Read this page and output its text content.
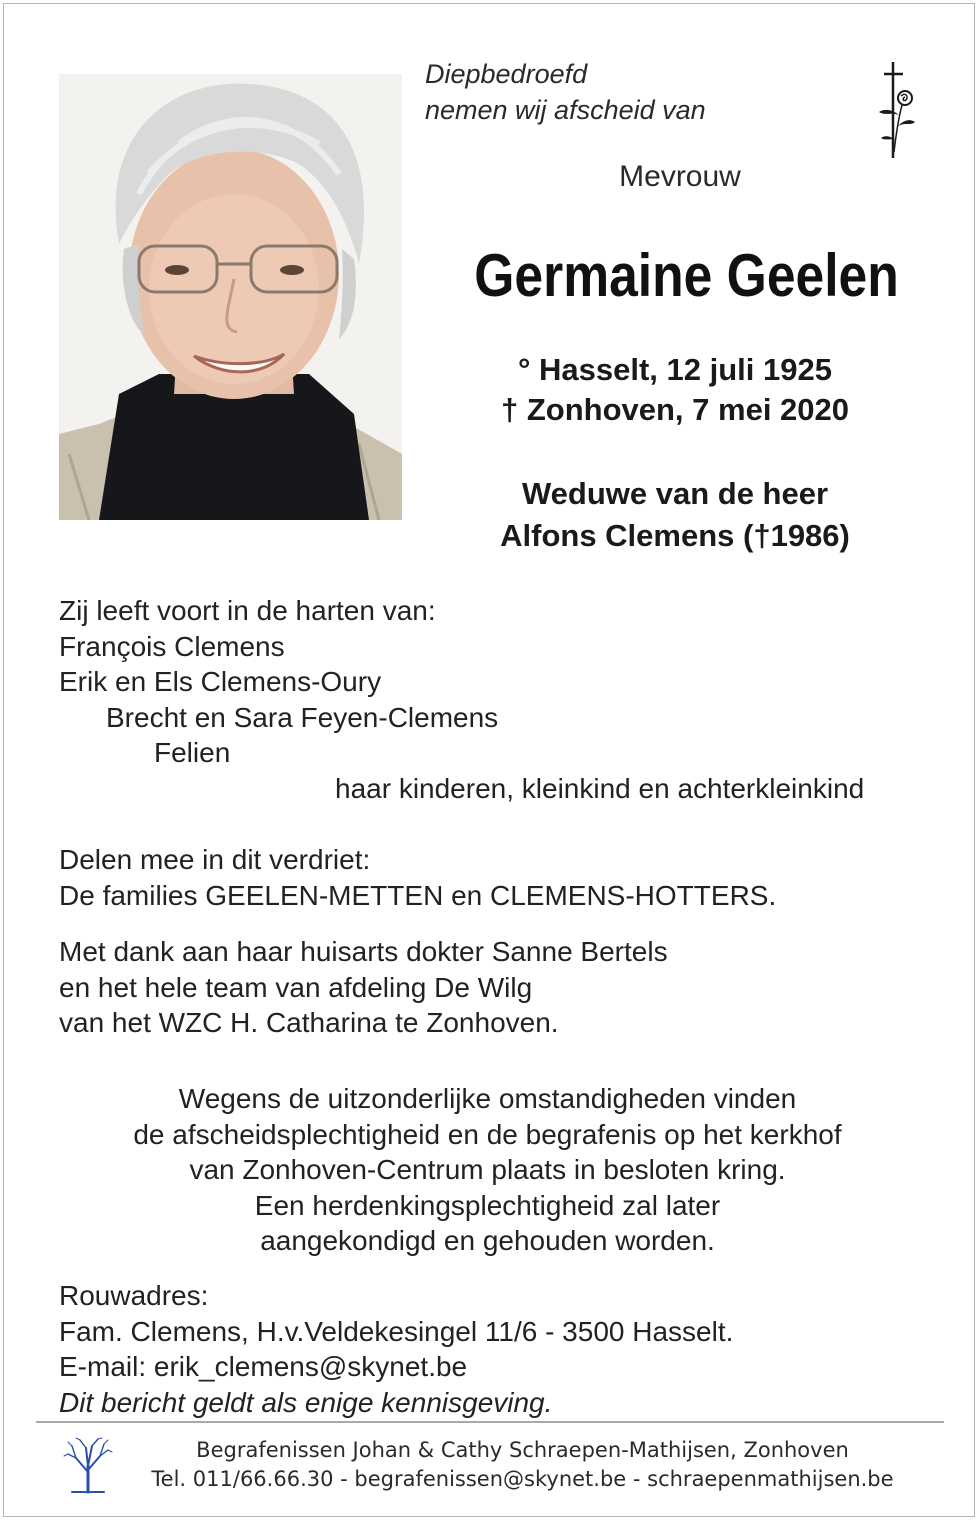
Diepbedroefd
nemen wij afscheid van
Mevrouw
Germaine Geelen
° Hasselt, 12 juli 1925
† Zonhoven, 7 mei 2020
Weduwe van de heer
Alfons Clemens (†1986)
Zij leeft voort in de harten van:
François Clemens
Erik en Els Clemens-Oury
Brecht en Sara Feyen-Clemens
Felien
haar kinderen, kleinkind en achterkleinkind
Delen mee in dit verdriet:
De families GEELEN-METTEN en CLEMENS-HOTTERS.
Met dank aan haar huisarts dokter Sanne Bertels
en het hele team van afdeling De Wilg
van het WZC H. Catharina te Zonhoven.
Wegens de uitzonderlijke omstandigheden vinden
de afscheidsplechtigheid en de begrafenis op het kerkhof
van Zonhoven-Centrum plaats in besloten kring.
Een herdenkingsplechtigheid zal later
aangekondigd en gehouden worden.
Rouwadres:
Fam. Clemens, H.v.Veldekesingel 11/6 - 3500 Hasselt.
E-mail: erik_clemens@skynet.be
Dit bericht geldt als enige kennisgeving.
Begrafenissen Johan & Cathy Schraepen-Mathijsen, Zonhoven
Tel. 011/66.66.30 - begrafenissen@skynet.be - schraepenmathijsen.be
